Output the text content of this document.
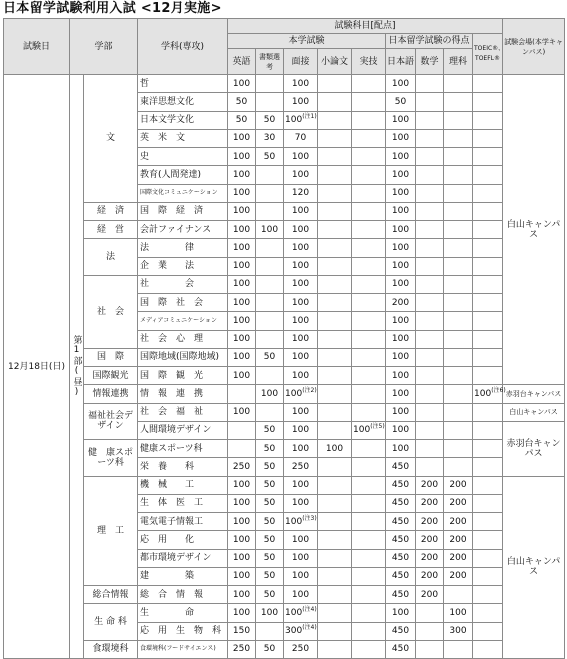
日本留学試験利用入試 <12月実施>
試験日	学部		学科(専攻)	試験科目[配点]									試験会場(本学キャンパス)
				本学試験					日本留学試験の得点			TOEIC®、TOEFL®	
				英語	書類選考	面接	小論文	実技	日本語	数学	理科		
12月18日(日)	第1部(昼)	文	哲	100		100			100				白山キャンパス
			東洋思想文化	50		100			50				
			日本文学文化	50	50	100$^{(注1)}$			100				
			英　米　文	100	30	70			100				
			史	100	50	100			100				
			教育(人間発達)	100		100			100				
			国際文化コミュニケーション	100		120			100				
		経　済	国　際　経　済	100		100			100				
		経　営	会計ファイナンス	100	100	100			100				
		法	法　　　　律	100		100			100				
			企　業　　法	100		100			100				
		社　会	社　　　　会	100		100			100				
			国　際　社　会	100		100			200				
			メディアコミュニケーション	100		100			100				
			社　会　心　理	100		100			100				
		国　際	国際地域(国際地域)	100	50	100			100				
		国際観光	国　際　観　光	100		100			100				
		情報連携	情　報　連　携		100	100$^{(注2)}$			100			100$^{(注6)}$	赤羽台キャンパス
		福祉社会デザイン	社　会　福　祉	100		100			100				白山キャンパス
			人間環境デザイン		50	100		100$^{(注5)}$	100				赤羽台キャンパス
		健　康スポーツ科	健康スポーツ科		50	100	100		100				
			栄　養　　科	250	50	250			450				
		理　工	機　械　　工	100	50	100			450	200	200		白山キャンパス
			生　体　医　工	100	50	100			450	200	200		
			電気電子情報工	100	50	100$^{(注3)}$			450	200	200		
			応　用　　化	100	50	100			450	200	200		
			都市環境デザイン	100	50	100			450	200	200		
			建　　　　築	100	50	100			450	200	200		
		総合情報	総　合　情　報	100	50	100			450	200			
		生 命 科	生　　　　命	100	100	100$^{(注4)}$			100		100		
			応　用　生　物　科	150		300$^{(注4)}$			450		300		
		食環境科	食環境科(フードサイエンス)	250	50	250			450				
